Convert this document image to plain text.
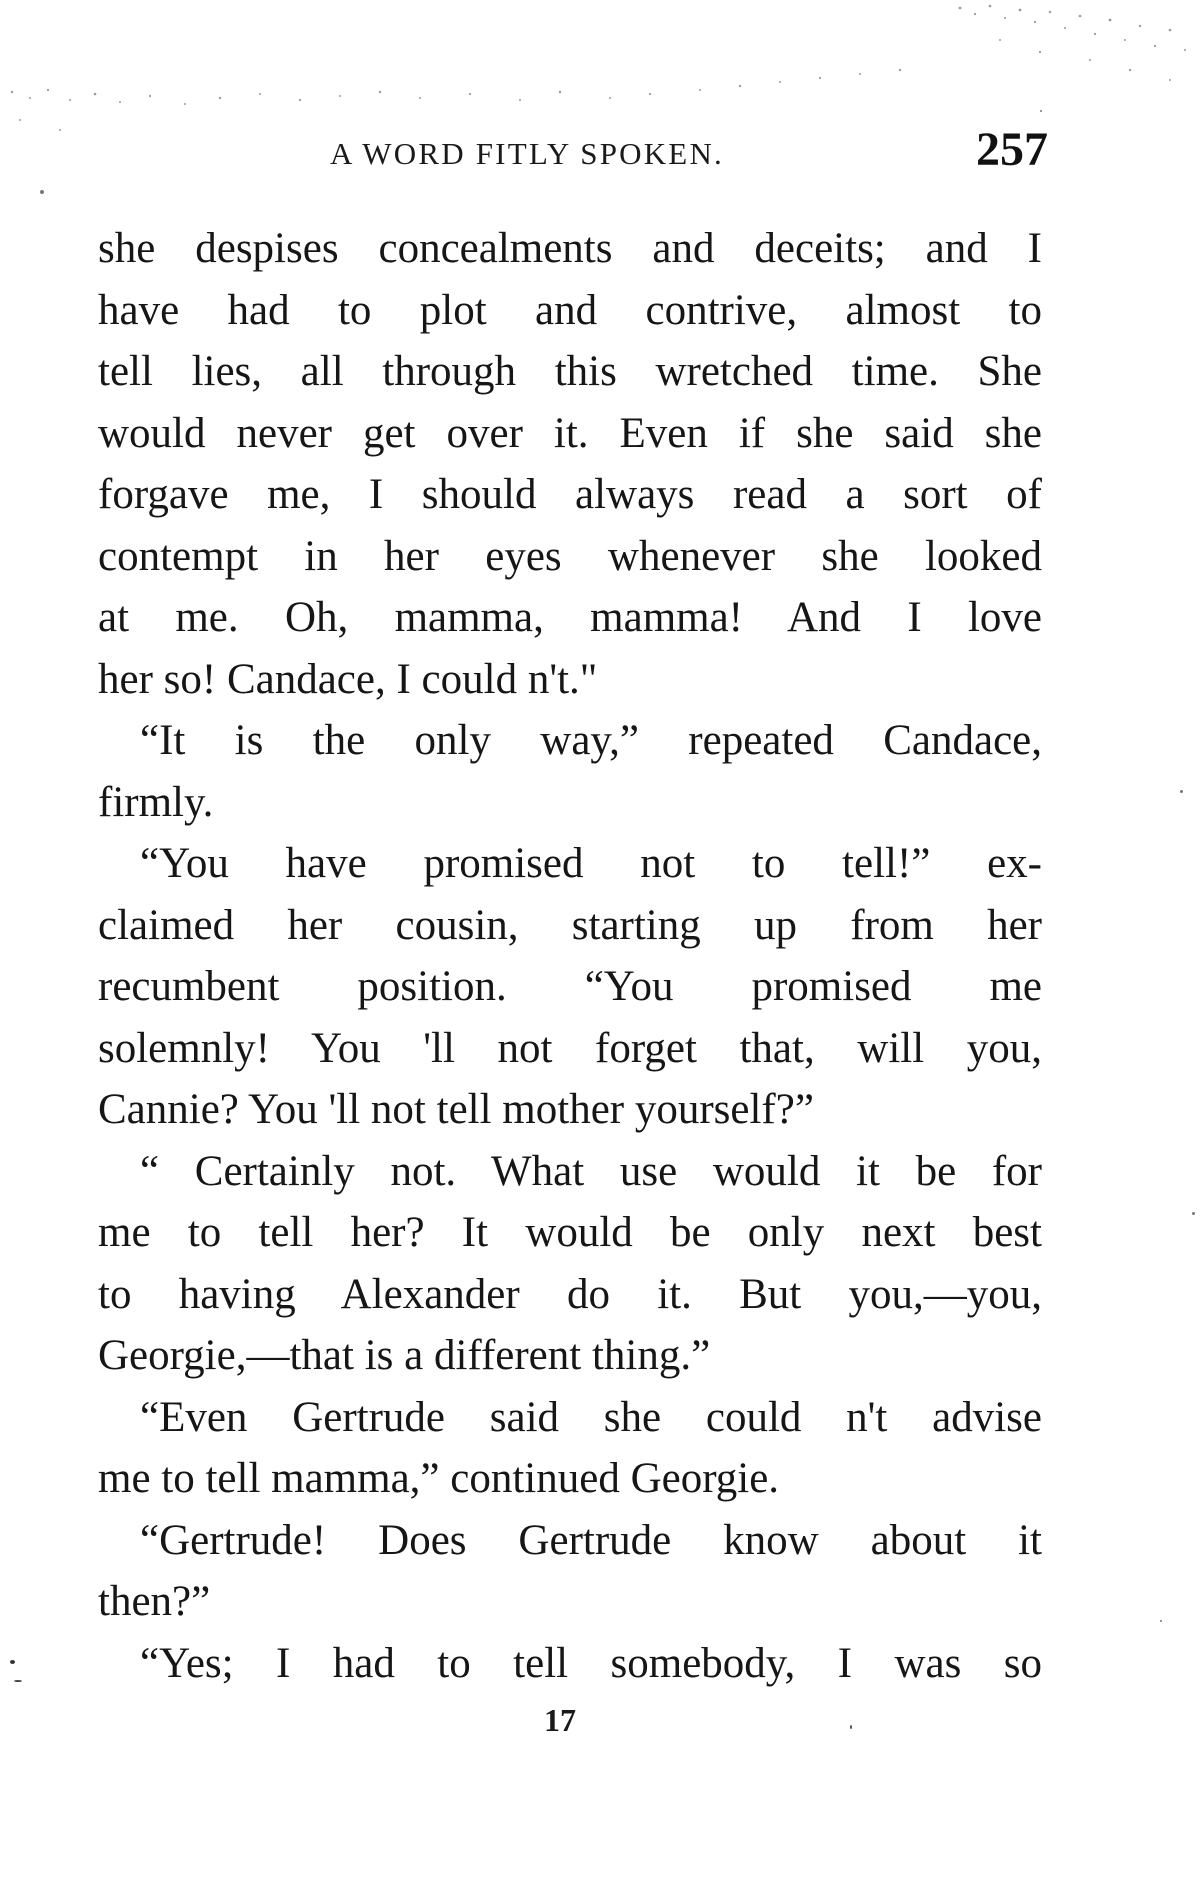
A WORD FITLY SPOKEN.	257
she despises concealments and deceits; and I
have had to plot and contrive, almost to
tell lies, all through this wretched time. She
would never get over it. Even if she said she
forgave me, I should always read a sort of
contempt in her eyes whenever she looked
at me. Oh, mamma, mamma! And I love
her so! Candace, I could n't."
“It is the only way,” repeated Candace,
firmly.
“You have promised not to tell!” ex-
claimed her cousin, starting up from her
recumbent position. “You promised me
solemnly! You 'll not forget that, will you,
Cannie? You 'll not tell mother yourself?”
“ Certainly not. What use would it be for
me to tell her? It would be only next best
to having Alexander do it. But you,—you,
Georgie,—that is a different thing.”
“Even Gertrude said she could n't advise
me to tell mamma,” continued Georgie.
“Gertrude! Does Gertrude know about it
then?”
“Yes; I had to tell somebody, I was so
17
